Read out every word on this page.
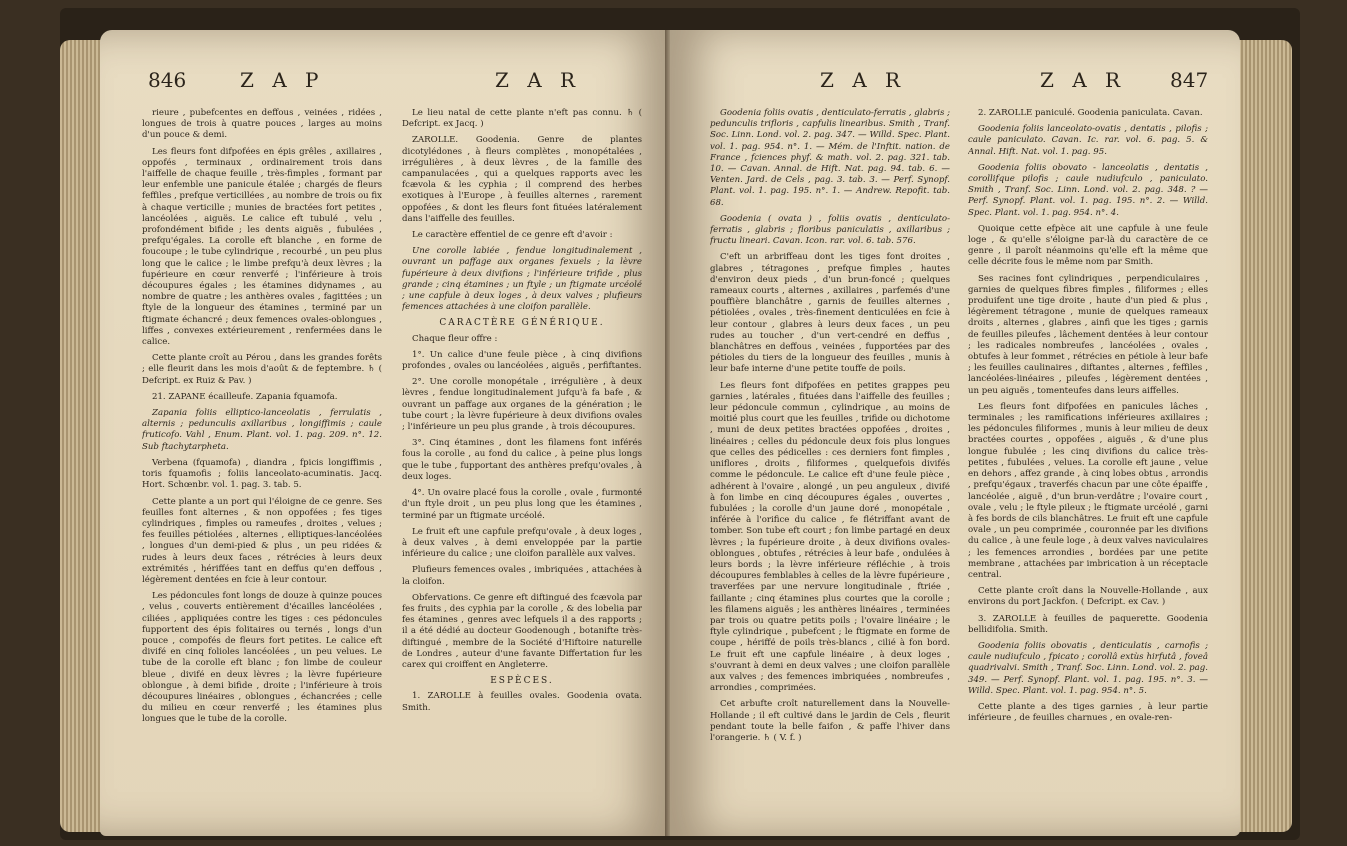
846	Z A P	Z A R

rieure , pubefcentes en deffous , veinées , ridées , longues de trois à quatre pouces , larges au moins d'un pouce & demi.

Les fleurs font difpofées en épis grêles , axillaires , oppofés , terminaux , ordinairement trois dans l'aiffelle de chaque feuille , très-fimples , formant par leur enfemble une panicule étalée ; chargés de fleurs feffiles , prefque verticillées , au nombre de trois ou fix à chaque verticille ; munies de bractées fort petites , lancéolées , aiguës. Le calice eft tubulé , velu , profondément bifide ; les dents aiguës , fubulées , prefqu'égales. La corolle eft blanche , en forme de foucoupe ; le tube cylindrique , recourbé , un peu plus long que le calice ; le limbe prefqu'à deux lèvres ; la fupérieure en cœur renverfé ; l'inférieure à trois découpures égales ; les étamines didynames , au nombre de quatre ; les anthères ovales , fagittées ; un ftyle de la longueur des étamines , terminé par un ftigmate échancré ; deux femences ovales-oblongues , liffes , convexes extérieurement , renfermées dans le calice.

Cette plante croît au Pérou , dans les grandes forêts ; elle fleurit dans les mois d'août & de feptembre. ♄ ( Defcript. ex Ruiz & Pav. )

21. ZAPANE écailleufe. Zapania fquamofa.

Zapania foliis elliptico-lanceolatis , ferrulatis , alternis ; pedunculis axillaribus , longiffimis ; caule fruticofo. Vahl , Enum. Plant. vol. 1. pag. 209. n°. 12. Sub ftachytarpheta.

Verbena (fquamofa) , diandra , fpicis longiffimis , toris fquamofis ; foliis lanceolato-acuminatis. Jacq. Hort. Schœnbr. vol. 1. pag. 3. tab. 5.

Cette plante a un port qui l'éloigne de ce genre. Ses feuilles font alternes , & non oppofées ; fes tiges cylindriques , fimples ou rameufes , droites , velues ; fes feuilles pétiolées , alternes , elliptiques-lancéolées , longues d'un demi-pied & plus , un peu ridées & rudes à leurs deux faces , rétrécies à leurs deux extrémités , hériffées tant en deffus qu'en deffous , légèrement dentées en fcie à leur contour.

Les pédoncules font longs de douze à quinze pouces , velus , couverts entièrement d'écailles lancéolées , ciliées , appliquées contre les tiges : ces pédoncules fupportent des épis folitaires ou ternés , longs d'un pouce , compofés de fleurs fort petites. Le calice eft divifé en cinq folioles lancéolées , un peu velues. Le tube de la corolle eft blanc ; fon limbe de couleur bleue , divifé en deux lèvres ; la lèvre fupérieure oblongue , à demi bifide , droite ; l'inférieure à trois découpures linéaires , oblongues , échancrées ; celle du milieu en cœur renverfé ; les étamines plus longues que le tube de la corolle.

Le lieu natal de cette plante n'eft pas connu. ♄ ( Defcript. ex Jacq. )

ZAROLLE. Goodenia. Genre de plantes dicotylédones , à fleurs complètes , monopétalées , irrégulières , à deux lèvres , de la famille des campanulacées , qui a quelques rapports avec les fcævola & les cyphia ; il comprend des herbes exotiques à l'Europe , à feuilles alternes , rarement oppofées , & dont les fleurs font fituées latéralement dans l'aiffelle des feuilles.

Le caractère effentiel de ce genre eft d'avoir :

Une corolle labiée , fendue longitudinalement , ouvrant un paffage aux organes fexuels ; la lèvre fupérieure à deux divifions ; l'inférieure trifide , plus grande ; cinq étamines ; un ftyle ; un ftigmate urcéolé ; une capfule à deux loges , à deux valves ; plufieurs femences attachées à une cloifon parallèle.

CARACTÈRE GÉNÉRIQUE.

Chaque fleur offre :

1°. Un calice d'une feule pièce , à cinq divifions profondes , ovales ou lancéolées , aiguës , perfiftantes.

2°. Une corolle monopétale , irrégulière , à deux lèvres , fendue longitudinalement jufqu'à fa bafe , & ouvrant un paffage aux organes de la génération ; le tube court ; la lèvre fupérieure à deux divifions ovales ; l'inférieure un peu plus grande , à trois découpures.

3°. Cinq étamines , dont les filamens font inférés fous la corolle , au fond du calice , à peine plus longs que le tube , fupportant des anthères prefqu'ovales , à deux loges.

4°. Un ovaire placé fous la corolle , ovale , furmonté d'un ftyle droit , un peu plus long que les étamines , terminé par un ftigmate urcéolé.

Le fruit eft une capfule prefqu'ovale , à deux loges , à deux valves , à demi enveloppée par la partie inférieure du calice ; une cloifon parallèle aux valves.

Plufieurs femences ovales , imbriquées , attachées à la cloifon.

Obfervations. Ce genre eft diftingué des fcævola par fes fruits , des cyphia par la corolle , & des lobelia par fes étamines , genres avec lefquels il a des rapports ; il a été dédié au docteur Goodenough , botanifte très-diftingué , membre de la Société d'Hiftoire naturelle de Londres , auteur d'une favante Differtation fur les carex qui croiffent en Angleterre.

ESPÈCES.

1. ZAROLLE à feuilles ovales. Goodenia ovata. Smith.

Z A R	Z A R 847

Goodenia foliis ovatis , denticulato-ferratis , glabris ; pedunculis trifloris , capfulis linearibus. Smith , Tranf. Soc. Linn. Lond. vol. 2. pag. 347. — Willd. Spec. Plant. vol. 1. pag. 954. n°. 1. — Mém. de l'Inftit. nation. de France , fciences phyf. & math. vol. 2. pag. 321. tab. 10. — Cavan. Annal. de Hift. Nat. pag. 94. tab. 6. — Venten. Jard. de Cels , pag. 3. tab. 3. — Perf. Synopf. Plant. vol. 1. pag. 195. n°. 1. — Andrew. Repofit. tab. 68.

Goodenia ( ovata ) , foliis ovatis , denticulato-ferratis , glabris ; floribus paniculatis , axillaribus ; fructu lineari. Cavan. Icon. rar. vol. 6. tab. 576.

C'eft un arbriffeau dont les tiges font droites , glabres , tétragones , prefque fimples , hautes d'environ deux pieds , d'un brun-foncé ; quelques rameaux courts , alternes , axillaires , parfemés d'une pouffière blanchâtre , garnis de feuilles alternes , pétiolées , ovales , très-finement denticulées en fcie à leur contour , glabres à leurs deux faces , un peu rudes au toucher , d'un vert-cendré en deffus , blanchâtres en deffous , veinées , fupportées par des pétioles du tiers de la longueur des feuilles , munis à leur bafe interne d'une petite touffe de poils.

Les fleurs font difpofées en petites grappes peu garnies , latérales , fituées dans l'aiffelle des feuilles ; leur pédoncule commun , cylindrique , au moins de moitié plus court que les feuilles , trifide ou dichotome , muni de deux petites bractées oppofées , droites , linéaires ; celles du pédoncule deux fois plus longues que celles des pédicelles : ces derniers font fimples , uniflores , droits , filiformes , quelquefois divifés comme le pédoncule. Le calice eft d'une feule pièce , adhérent à l'ovaire , alongé , un peu anguleux , divifé à fon limbe en cinq découpures égales , ouvertes , fubulées ; la corolle d'un jaune doré , monopétale , inférée à l'orifice du calice , fe flétriffant avant de tomber. Son tube eft court ; fon limbe partagé en deux lèvres ; la fupérieure droite , à deux divifions ovales-oblongues , obtufes , rétrécies à leur bafe , ondulées à leurs bords ; la lèvre inférieure réfléchie , à trois découpures femblables à celles de la lèvre fupérieure , traverfées par une nervure longitudinale , ftriée , faillante ; cinq étamines plus courtes que la corolle ; les filamens aiguës ; les anthères linéaires , terminées par trois ou quatre petits poils ; l'ovaire linéaire ; le ftyle cylindrique , pubefcent ; le ftigmate en forme de coupe , hériffé de poils très-blancs , cilié à fon bord. Le fruit eft une capfule linéaire , à deux loges , s'ouvrant à demi en deux valves ; une cloifon parallèle aux valves ; des femences imbriquées , nombreufes , arrondies , comprimées.

Cet arbufte croît naturellement dans la Nouvelle-Hollande ; il eft cultivé dans le jardin de Cels , fleurit pendant toute la belle faifon , & paffe l'hiver dans l'orangerie. ♄ ( V. f. )

2. ZAROLLE paniculé. Goodenia paniculata. Cavan.

Goodenia foliis lanceolato-ovatis , dentatis , pilofis ; caule paniculato. Cavan. Ic. rar. vol. 6. pag. 5. & Annal. Hift. Nat. vol. 1. pag. 95.

Goodenia foliis obovato - lanceolatis , dentatis , corollifque pilofis ; caule nudiufculo , paniculato. Smith , Tranf. Soc. Linn. Lond. vol. 2. pag. 348. ? — Perf. Synopf. Plant. vol. 1. pag. 195. n°. 2. — Willd. Spec. Plant. vol. 1. pag. 954. n°. 4.

Quoique cette efpèce ait une capfule à une feule loge , & qu'elle s'éloigne par-là du caractère de ce genre , il paroît néanmoins qu'elle eft la même que celle décrite fous le même nom par Smith.

Ses racines font cylindriques , perpendiculaires , garnies de quelques fibres fimples , filiformes ; elles produifent une tige droite , haute d'un pied & plus , légèrement tétragone , munie de quelques rameaux droits , alternes , glabres , ainfi que les tiges ; garnis de feuilles pileufes , lâchement dentées à leur contour ; les radicales nombreufes , lancéolées , ovales , obtufes à leur fommet , rétrécies en pétiole à leur bafe ; les feuilles caulinaires , diftantes , alternes , feffiles , lancéolées-linéaires , pileufes , légèrement dentées , un peu aiguës , tomenteufes dans leurs aiffelles.

Les fleurs font difpofées en panicules lâches , terminales ; les ramifications inférieures axillaires ; les pédoncules filiformes , munis à leur milieu de deux bractées courtes , oppofées , aiguës , & d'une plus longue fubulée ; les cinq divifions du calice très-petites , fubulées , velues. La corolle eft jaune , velue en dehors , affez grande , à cinq lobes obtus , arrondis , prefqu'égaux , traverfés chacun par une côte épaiffe , lancéolée , aiguë , d'un brun-verdâtre ; l'ovaire court , ovale , velu ; le ftyle pileux ; le ftigmate urcéolé , garni à fes bords de cils blanchâtres. Le fruit eft une capfule ovale , un peu comprimée , couronnée par les divifions du calice , à une feule loge , à deux valves naviculaires ; les femences arrondies , bordées par une petite membrane , attachées par imbrication à un réceptacle central.

Cette plante croît dans la Nouvelle-Hollande , aux environs du port Jackfon. ( Defcript. ex Cav. )

3. ZAROLLE à feuilles de paquerette. Goodenia bellidifolia. Smith.

Goodenia foliis obovatis , denticulatis , carnofis ; caule nudiufculo , fpicato ; corollâ extùs hirfutâ , foveâ quadrivalvi. Smith , Tranf. Soc. Linn. Lond. vol. 2. pag. 349. — Perf. Synopf. Plant. vol. 1. pag. 195. n°. 3. — Willd. Spec. Plant. vol. 1. pag. 954. n°. 5.

Cette plante a des tiges garnies , à leur partie inférieure , de feuilles charnues , en ovale-ren-
